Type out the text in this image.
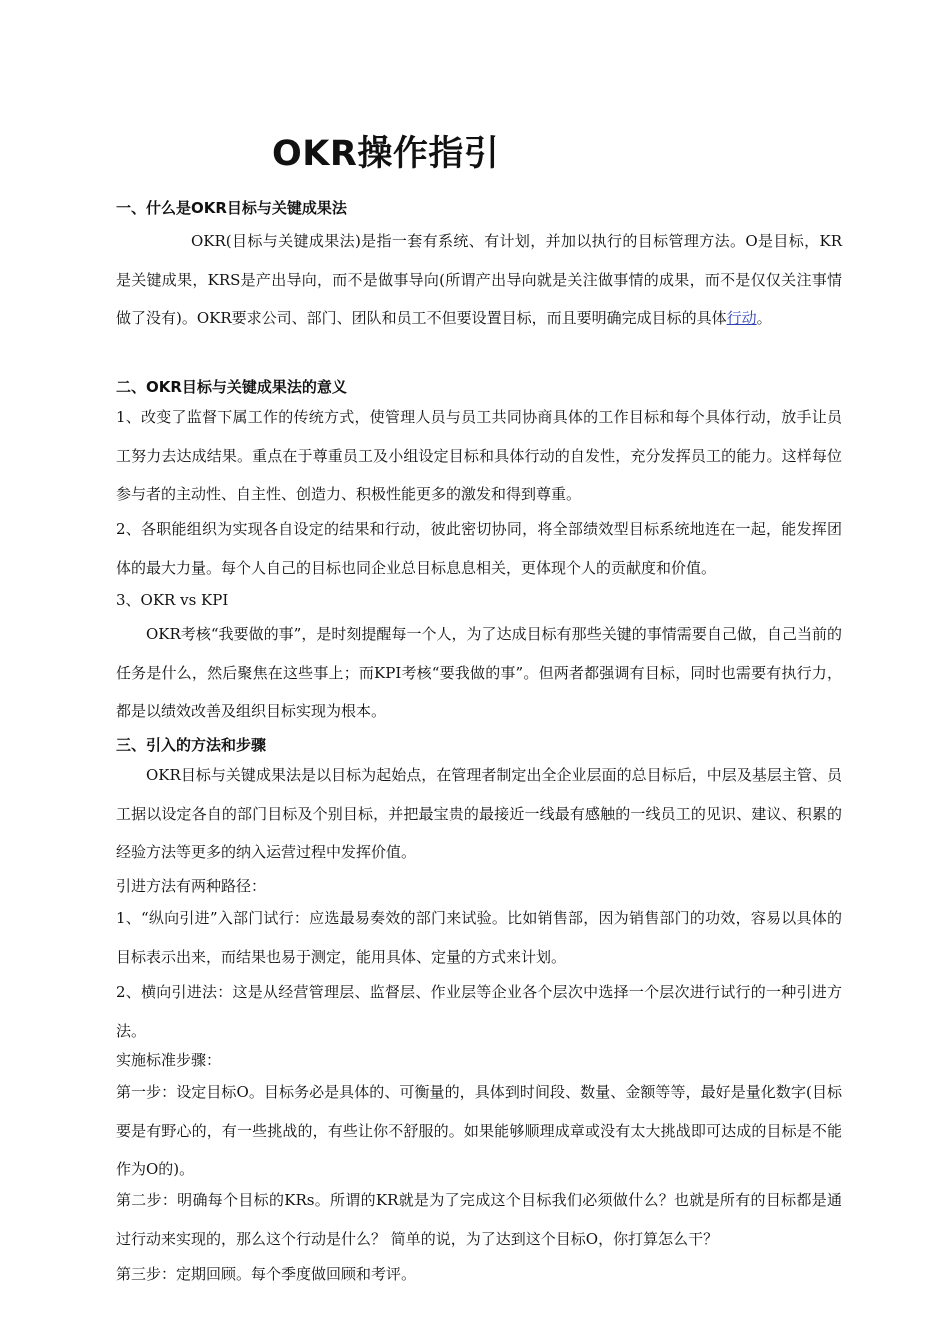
OKR操作指引
一、什么是OKR目标与关键成果法

OKR(目标与关键成果法)是指一套有系统、有计划，并加以执行的目标管理方法。O是目标，KR是关键成果，KRS是产出导向，而不是做事导向(所谓产出导向就是关注做事情的成果，而不是仅仅关注事情做了没有)。OKR要求公司、部门、团队和员工不但要设置目标，而且要明确完成目标的具体行动。

二、OKR目标与关键成果法的意义

1、改变了监督下属工作的传统方式，使管理人员与员工共同协商具体的工作目标和每个具体行动，放手让员工努力去达成结果。重点在于尊重员工及小组设定目标和具体行动的自发性，充分发挥员工的能力。这样每位参与者的主动性、自主性、创造力、积极性能更多的激发和得到尊重。

2、各职能组织为实现各自设定的结果和行动，彼此密切协同，将全部绩效型目标系统地连在一起，能发挥团体的最大力量。每个人自己的目标也同企业总目标息息相关，更体现个人的贡献度和价值。

3、OKR vs KPI

OKR考核“我要做的事”，是时刻提醒每一个人，为了达成目标有那些关键的事情需要自己做，自己当前的任务是什么，然后聚焦在这些事上；而KPI考核“要我做的事”。但两者都强调有目标，同时也需要有执行力，都是以绩效改善及组织目标实现为根本。

三、引入的方法和步骤

OKR目标与关键成果法是以目标为起始点，在管理者制定出全企业层面的总目标后，中层及基层主管、员工据以设定各自的部门目标及个别目标，并把最宝贵的最接近一线最有感触的一线员工的见识、建议、积累的经验方法等更多的纳入运营过程中发挥价值。

引进方法有两种路径：

1、“纵向引进”入部门试行：应选最易奏效的部门来试验。比如销售部，因为销售部门的功效，容易以具体的目标表示出来，而结果也易于测定，能用具体、定量的方式来计划。

2、横向引进法：这是从经营管理层、监督层、作业层等企业各个层次中选择一个层次进行试行的一种引进方法。

实施标准步骤：

第一步：设定目标O。目标务必是具体的、可衡量的，具体到时间段、数量、金额等等，最好是量化数字(目标要是有野心的，有一些挑战的，有些让你不舒服的。如果能够顺理成章或没有太大挑战即可达成的目标是不能作为O的)。

第二步：明确每个目标的KRs。所谓的KR就是为了完成这个目标我们必须做什么？也就是所有的目标都是通过行动来实现的，那么这个行动是什么？ 简单的说，为了达到这个目标O，你打算怎么干？

第三步：定期回顾。每个季度做回顾和考评。
